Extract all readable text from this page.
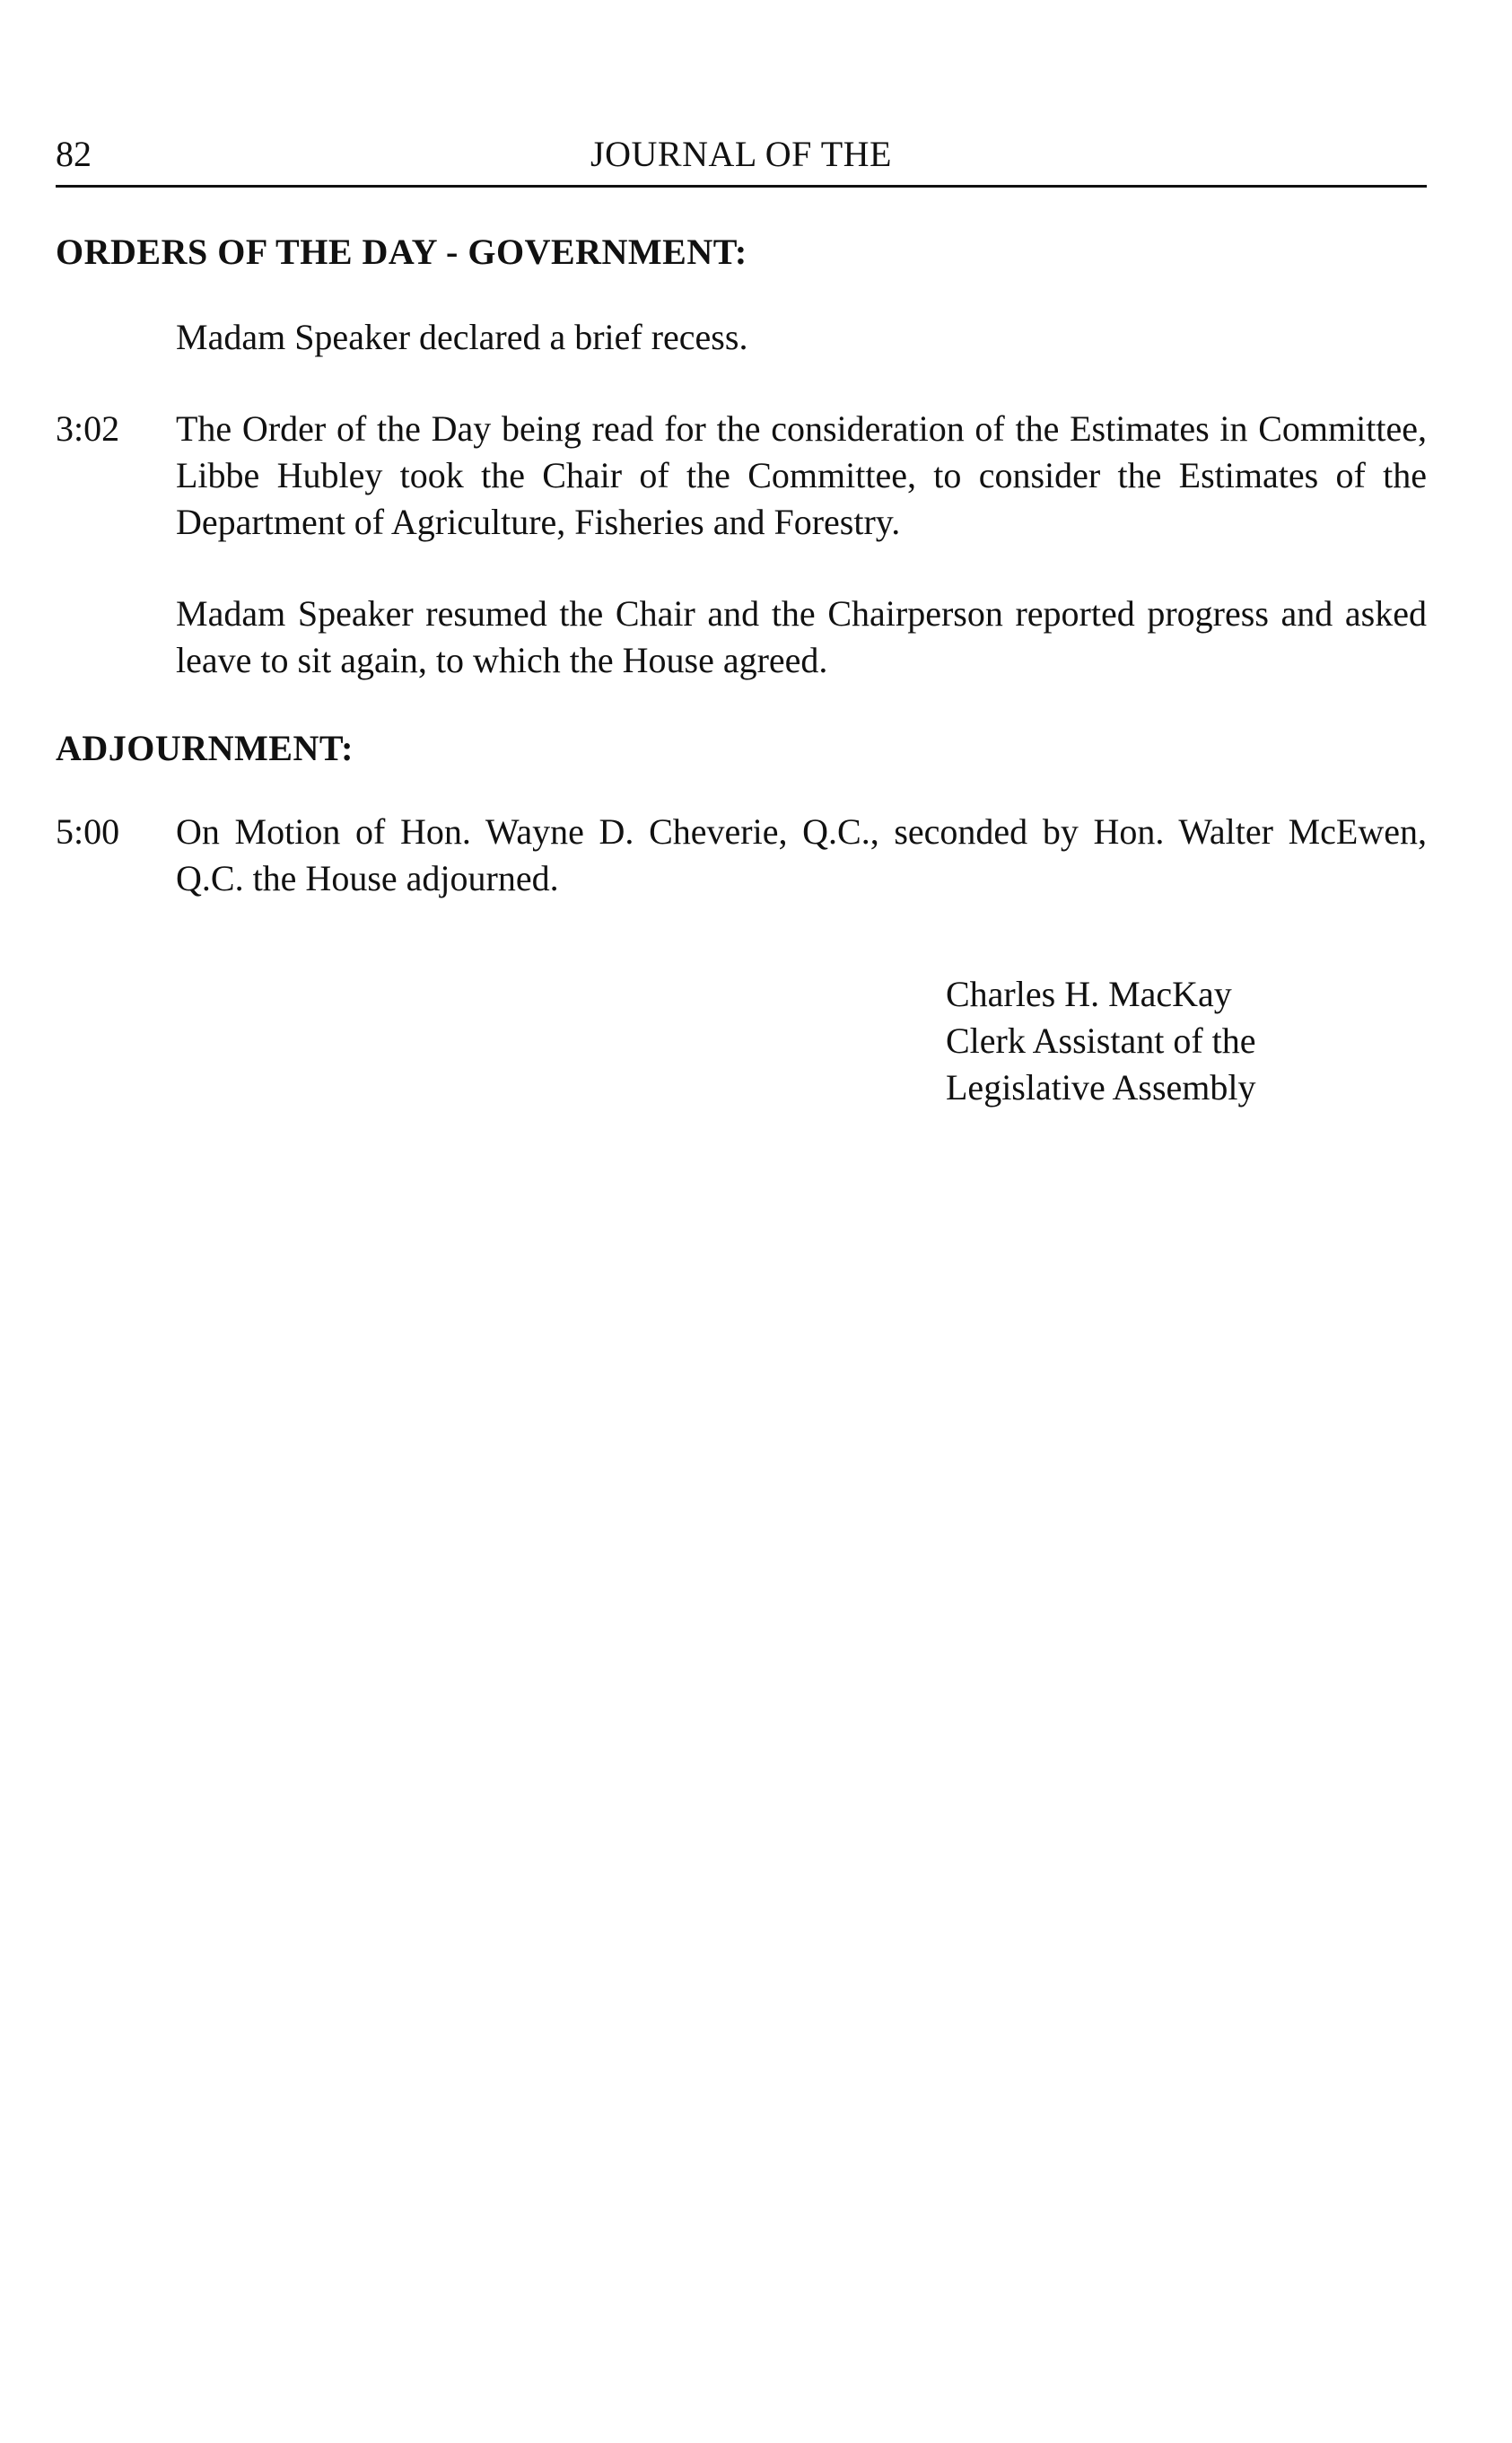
82	JOURNAL OF THE
ORDERS OF THE DAY - GOVERNMENT:
Madam Speaker declared a brief recess.
3:02 The Order of the Day being read for the consideration of the Estimates in Committee, Libbe Hubley took the Chair of the Committee, to consider the Estimates of the Department of Agriculture, Fisheries and Forestry.
Madam Speaker resumed the Chair and the Chairperson reported progress and asked leave to sit again, to which the House agreed.
ADJOURNMENT:
5:00 On Motion of Hon. Wayne D. Cheverie, Q.C., seconded by Hon. Walter McEwen, Q.C. the House adjourned.
Charles H. MacKay
Clerk Assistant of the
Legislative Assembly
